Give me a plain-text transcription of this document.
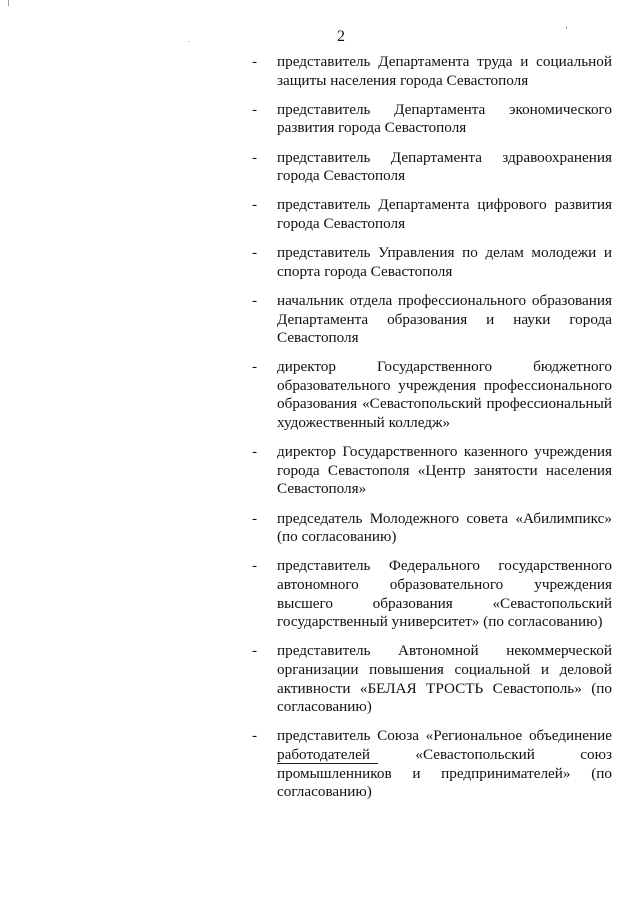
2
- представитель Департамента труда и социальной защиты населения города Севастополя
- представитель Департамента экономического развития города Севастополя
- представитель Департамента здравоохранения города Севастополя
- представитель Департамента цифрового развития города Севастополя
- представитель Управления по делам молодежи и спорта города Севастополя
- начальник отдела профессионального образования Департамента образования и науки города Севастополя
- директор Государственного бюджетного образовательного учреждения профессионального образования «Севастопольский профессиональный художественный колледж»
- директор Государственного казенного учреждения города Севастополя «Центр занятости населения Севастополя»
- председатель Молодежного совета «Абилимпикс» (по согласованию)
- представитель Федерального государственного автономного образовательного учреждения высшего образования «Севастопольский государственный университет» (по согласованию)
- представитель Автономной некоммерческой организации повышения социальной и деловой активности «БЕЛАЯ ТРОСТЬ Севастополь» (по согласованию)
- представитель Союза «Региональное объединение работодателей «Севастопольский союз промышленников и предпринимателей» (по согласованию)
